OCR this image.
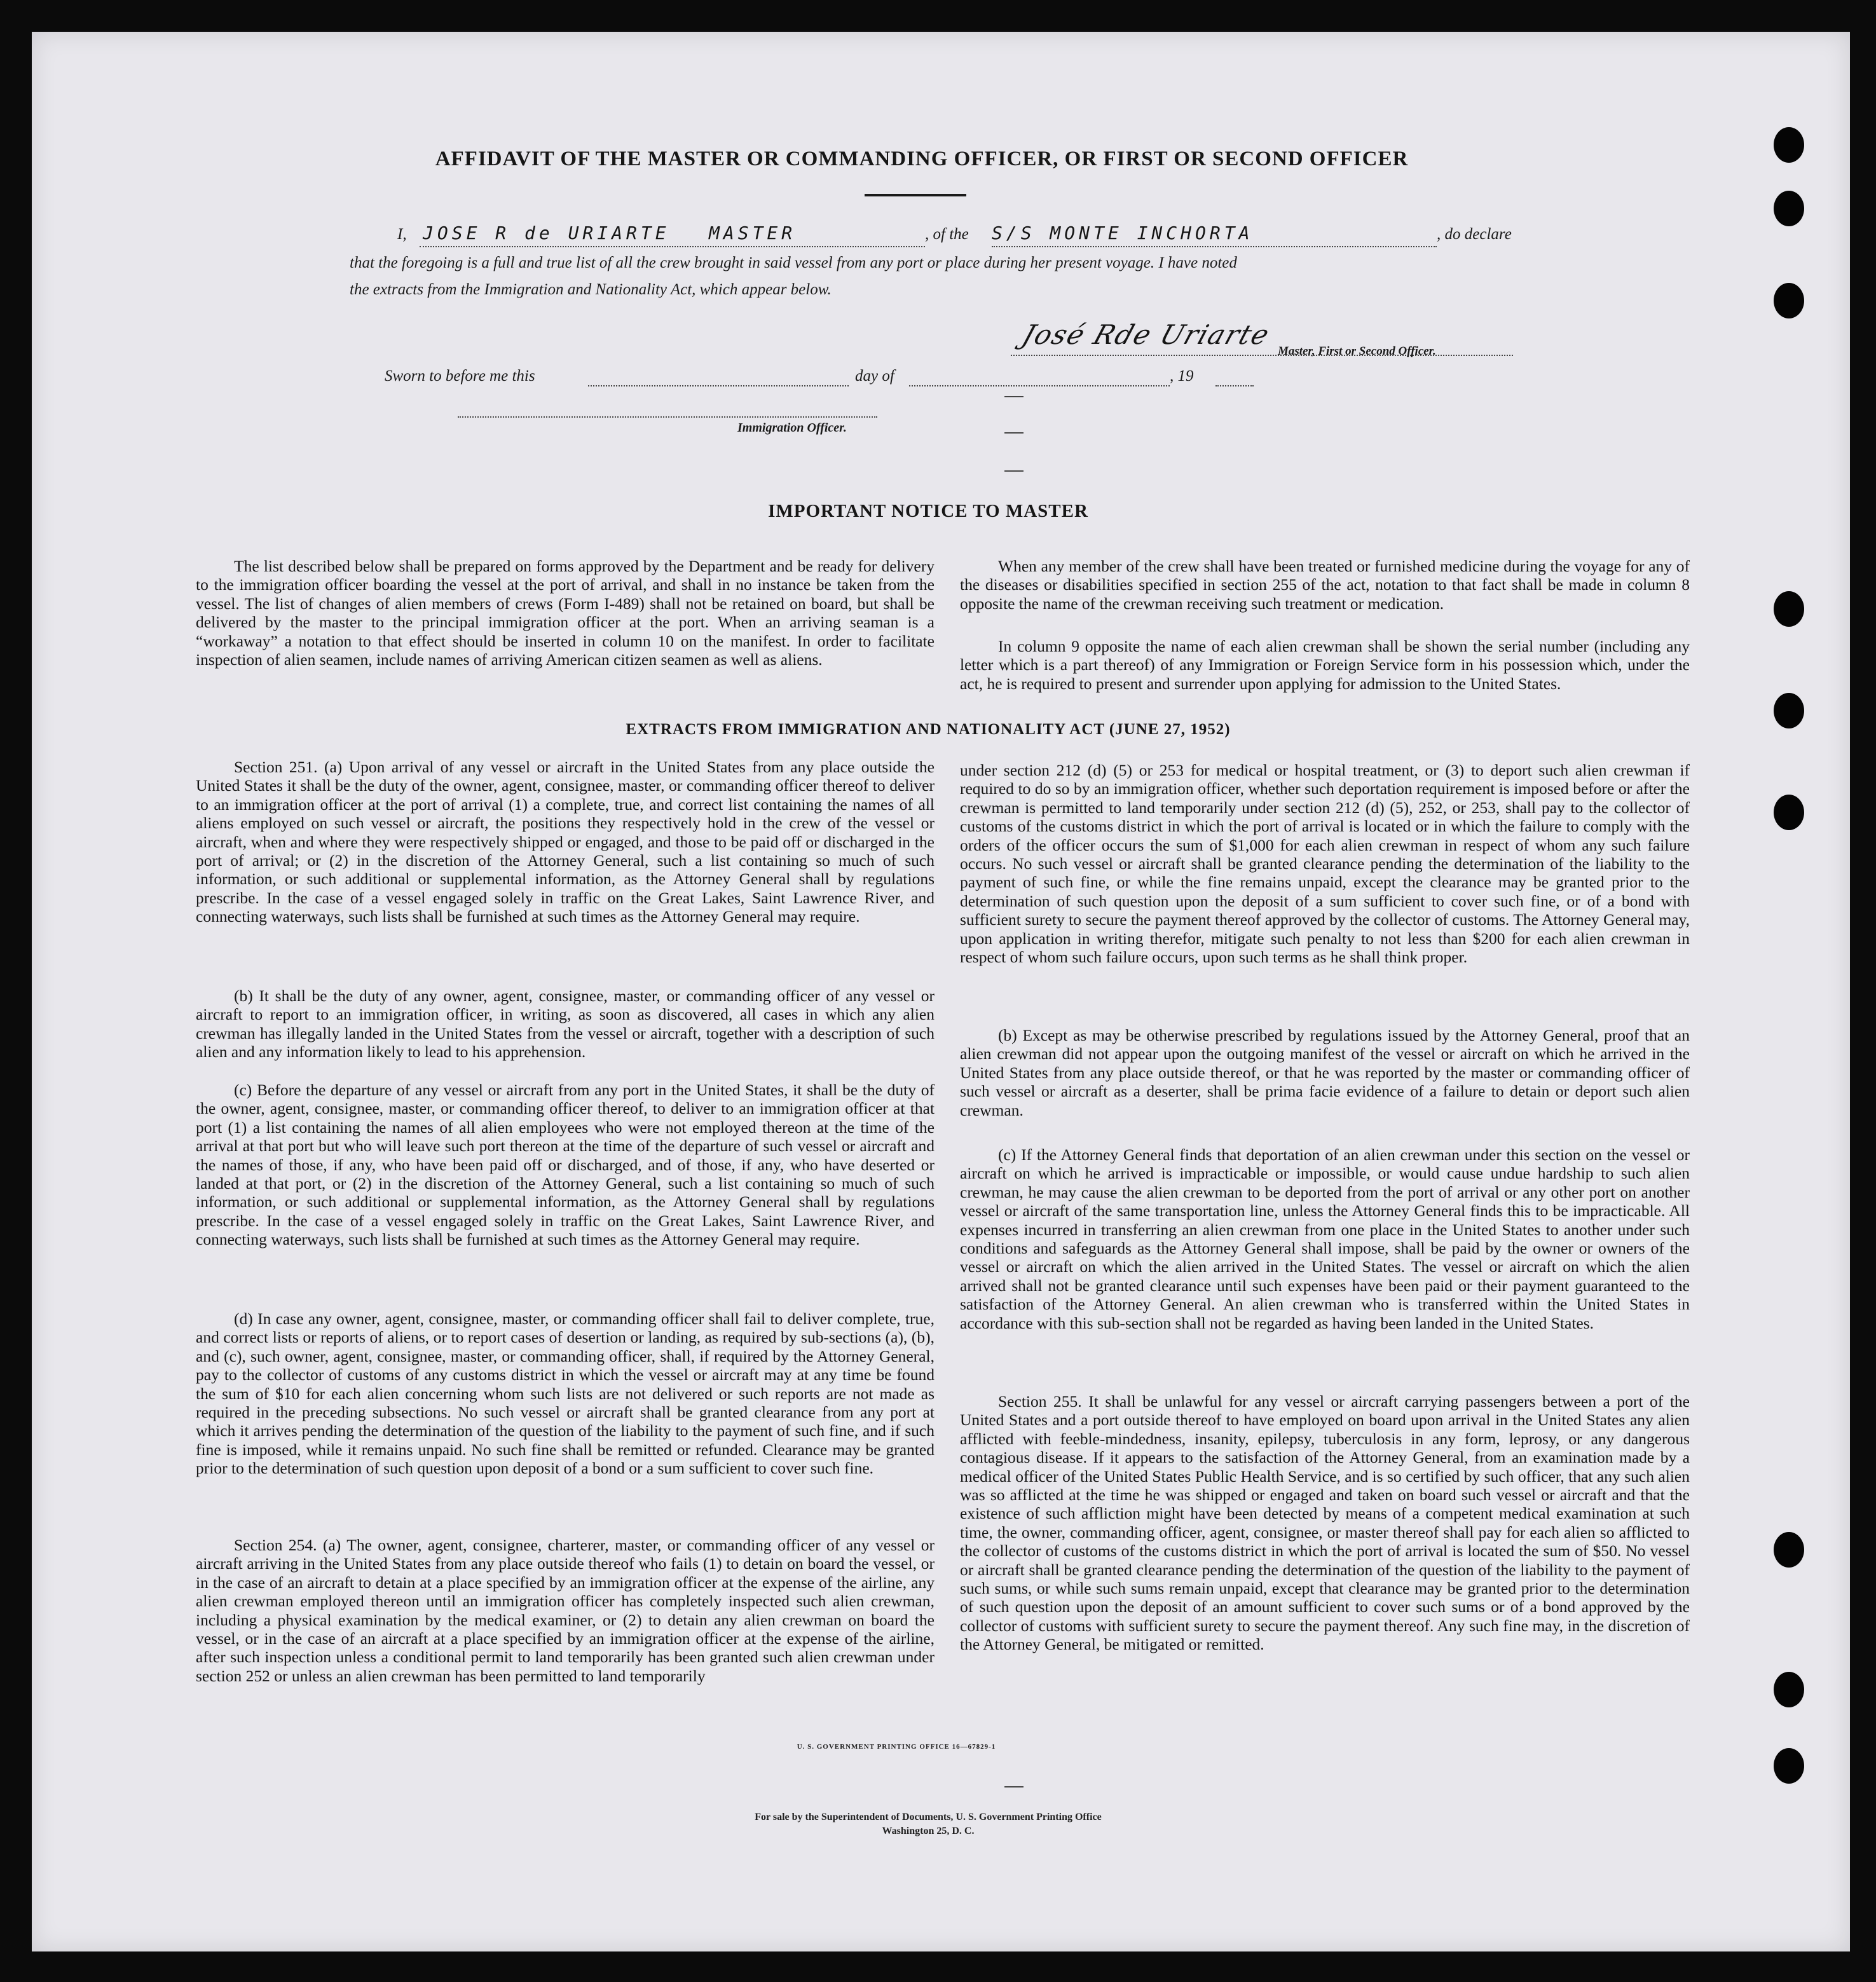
AFFIDAVIT OF THE MASTER OR COMMANDING OFFICER, OR FIRST OR SECOND OFFICER
I, JOSE R de URIARTE MASTER	, of the S/S MONTE INCHORTA	, do declare
that the foregoing is a full and true list of all the crew brought in said vessel from any port or place during her present voyage. I have noted
the extracts from the Immigration and Nationality Act, which appear below.
José Rde Uriarte
Master, First or Second Officer.
Sworn to before me this	day of	, 19
Immigration Officer.
IMPORTANT NOTICE TO MASTER
The list described below shall be prepared on forms approved by the Department and be ready for delivery to the immigration officer boarding the vessel at the port of arrival, and shall in no instance be taken from the vessel. The list of changes of alien members of crews (Form I-489) shall not be retained on board, but shall be delivered by the master to the principal immigration officer at the port. When an arriving seaman is a “workaway” a notation to that effect should be inserted in column 10 on the manifest. In order to facilitate inspection of alien seamen, include names of arriving American citizen seamen as well as aliens.
When any member of the crew shall have been treated or furnished medicine during the voyage for any of the diseases or disabilities specified in section 255 of the act, notation to that fact shall be made in column 8 opposite the name of the crewman receiving such treatment or medication.
In column 9 opposite the name of each alien crewman shall be shown the serial number (including any letter which is a part thereof) of any Immigration or Foreign Service form in his possession which, under the act, he is required to present and surrender upon applying for admission to the United States.
EXTRACTS FROM IMMIGRATION AND NATIONALITY ACT (JUNE 27, 1952)
Section 251. (a) Upon arrival of any vessel or aircraft in the United States from any place outside the United States it shall be the duty of the owner, agent, consignee, master, or commanding officer thereof to deliver to an immigration officer at the port of arrival (1) a complete, true, and correct list containing the names of all aliens employed on such vessel or aircraft, the positions they respectively hold in the crew of the vessel or aircraft, when and where they were respectively shipped or engaged, and those to be paid off or discharged in the port of arrival; or (2) in the discretion of the Attorney General, such a list containing so much of such information, or such additional or supplemental information, as the Attorney General shall by regulations prescribe. In the case of a vessel engaged solely in traffic on the Great Lakes, Saint Lawrence River, and connecting waterways, such lists shall be furnished at such times as the Attorney General may require.
(b) It shall be the duty of any owner, agent, consignee, master, or commanding officer of any vessel or aircraft to report to an immigration officer, in writing, as soon as discovered, all cases in which any alien crewman has illegally landed in the United States from the vessel or aircraft, together with a description of such alien and any information likely to lead to his apprehension.
(c) Before the departure of any vessel or aircraft from any port in the United States, it shall be the duty of the owner, agent, consignee, master, or commanding officer thereof, to deliver to an immigration officer at that port (1) a list containing the names of all alien employees who were not employed thereon at the time of the arrival at that port but who will leave such port thereon at the time of the departure of such vessel or aircraft and the names of those, if any, who have been paid off or discharged, and of those, if any, who have deserted or landed at that port, or (2) in the discretion of the Attorney General, such a list containing so much of such information, or such additional or supplemental information, as the Attorney General shall by regulations prescribe. In the case of a vessel engaged solely in traffic on the Great Lakes, Saint Lawrence River, and connecting waterways, such lists shall be furnished at such times as the Attorney General may require.
(d) In case any owner, agent, consignee, master, or commanding officer shall fail to deliver complete, true, and correct lists or reports of aliens, or to report cases of desertion or landing, as required by sub-sections (a), (b), and (c), such owner, agent, consignee, master, or commanding officer, shall, if required by the Attorney General, pay to the collector of customs of any customs district in which the vessel or aircraft may at any time be found the sum of $10 for each alien concerning whom such lists are not delivered or such reports are not made as required in the preceding subsections. No such vessel or aircraft shall be granted clearance from any port at which it arrives pending the determination of the question of the liability to the payment of such fine, and if such fine is imposed, while it remains unpaid. No such fine shall be remitted or refunded. Clearance may be granted prior to the determination of such question upon deposit of a bond or a sum sufficient to cover such fine.
Section 254. (a) The owner, agent, consignee, charterer, master, or commanding officer of any vessel or aircraft arriving in the United States from any place outside thereof who fails (1) to detain on board the vessel, or in the case of an aircraft to detain at a place specified by an immigration officer at the expense of the airline, any alien crewman employed thereon until an immigration officer has completely inspected such alien crewman, including a physical examination by the medical examiner, or (2) to detain any alien crewman on board the vessel, or in the case of an aircraft at a place specified by an immigration officer at the expense of the airline, after such inspection unless a conditional permit to land temporarily has been granted such alien crewman under section 252 or unless an alien crewman has been permitted to land temporarily
under section 212 (d) (5) or 253 for medical or hospital treatment, or (3) to deport such alien crewman if required to do so by an immigration officer, whether such deportation requirement is imposed before or after the crewman is permitted to land temporarily under section 212 (d) (5), 252, or 253, shall pay to the collector of customs of the customs district in which the port of arrival is located or in which the failure to comply with the orders of the officer occurs the sum of $1,000 for each alien crewman in respect of whom any such failure occurs. No such vessel or aircraft shall be granted clearance pending the determination of the liability to the payment of such fine, or while the fine remains unpaid, except the clearance may be granted prior to the determination of such question upon the deposit of a sum sufficient to cover such fine, or of a bond with sufficient surety to secure the payment thereof approved by the collector of customs. The Attorney General may, upon application in writing therefor, mitigate such penalty to not less than $200 for each alien crewman in respect of whom such failure occurs, upon such terms as he shall think proper.
(b) Except as may be otherwise prescribed by regulations issued by the Attorney General, proof that an alien crewman did not appear upon the outgoing manifest of the vessel or aircraft on which he arrived in the United States from any place outside thereof, or that he was reported by the master or commanding officer of such vessel or aircraft as a deserter, shall be prima facie evidence of a failure to detain or deport such alien crewman.
(c) If the Attorney General finds that deportation of an alien crewman under this section on the vessel or aircraft on which he arrived is impracticable or impossible, or would cause undue hardship to such alien crewman, he may cause the alien crewman to be deported from the port of arrival or any other port on another vessel or aircraft of the same transportation line, unless the Attorney General finds this to be impracticable. All expenses incurred in transferring an alien crewman from one place in the United States to another under such conditions and safeguards as the Attorney General shall impose, shall be paid by the owner or owners of the vessel or aircraft on which the alien arrived in the United States. The vessel or aircraft on which the alien arrived shall not be granted clearance until such expenses have been paid or their payment guaranteed to the satisfaction of the Attorney General. An alien crewman who is transferred within the United States in accordance with this sub-section shall not be regarded as having been landed in the United States.
Section 255. It shall be unlawful for any vessel or aircraft carrying passengers between a port of the United States and a port outside thereof to have employed on board upon arrival in the United States any alien afflicted with feeble-mindedness, insanity, epilepsy, tuberculosis in any form, leprosy, or any dangerous contagious disease. If it appears to the satisfaction of the Attorney General, from an examination made by a medical officer of the United States Public Health Service, and is so certified by such officer, that any such alien was so afflicted at the time he was shipped or engaged and taken on board such vessel or aircraft and that the existence of such affliction might have been detected by means of a competent medical examination at such time, the owner, commanding officer, agent, consignee, or master thereof shall pay for each alien so afflicted to the collector of customs of the customs district in which the port of arrival is located the sum of $50. No vessel or aircraft shall be granted clearance pending the determination of the question of the liability to the payment of such sums, or while such sums remain unpaid, except that clearance may be granted prior to the determination of such question upon the deposit of an amount sufficient to cover such sums or of a bond approved by the collector of customs with sufficient surety to secure the payment thereof. Any such fine may, in the discretion of the Attorney General, be mitigated or remitted.
U. S. GOVERNMENT PRINTING OFFICE 16—67829-1
For sale by the Superintendent of Documents, U. S. Government Printing Office
Washington 25, D. C.
